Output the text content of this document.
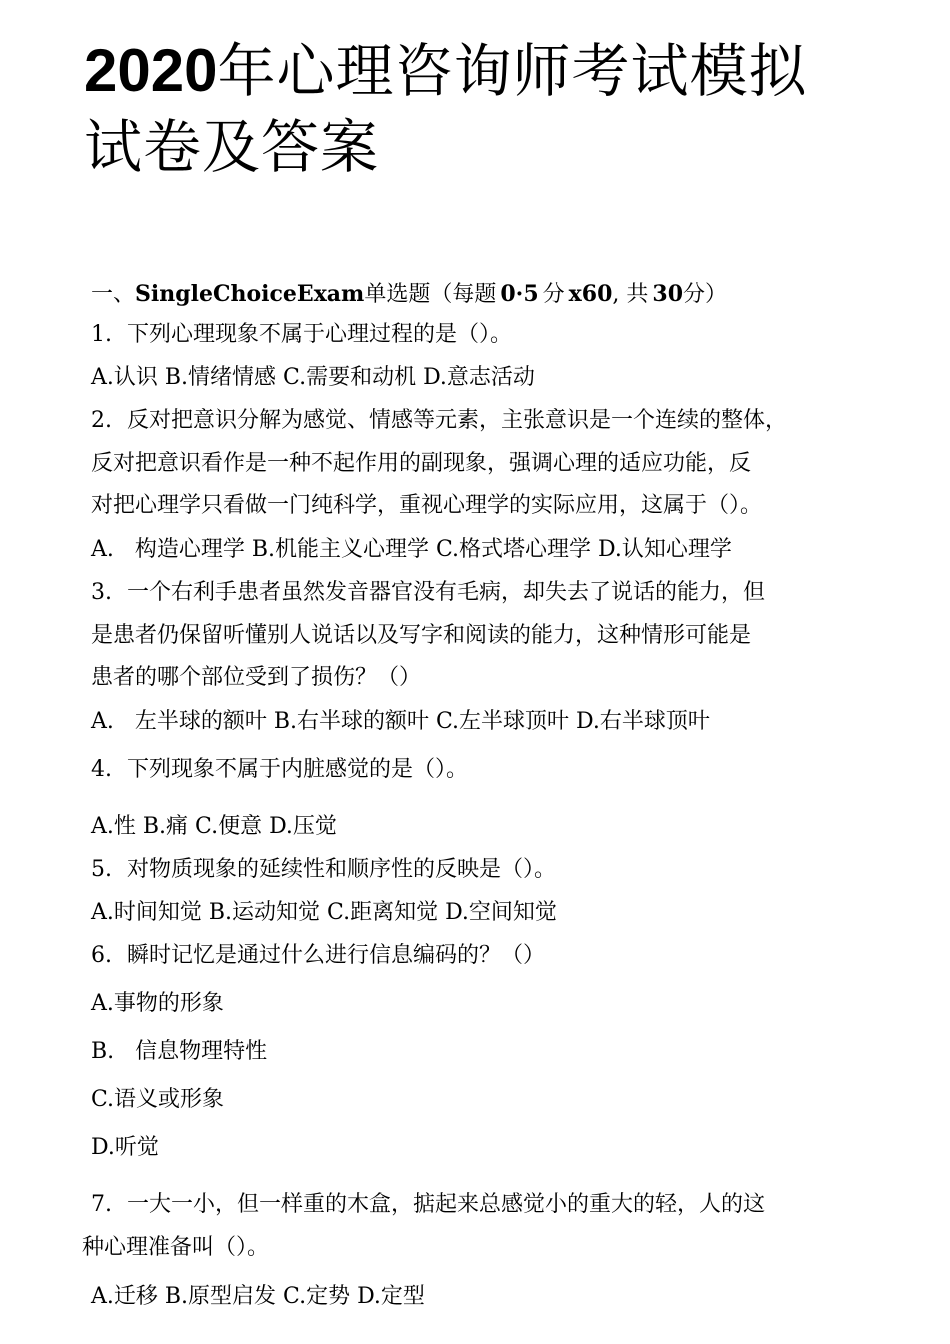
2020年心理咨询师考试模拟
试卷及答案
一、SingleChoiceExam单选题（每题 0·5 分 x60, 共 30分）
1. 下列心理现象不属于心理过程的是（）。
A.认识 B.情绪情感 C.需要和动机 D.意志活动
2. 反对把意识分解为感觉、情感等元素，主张意识是一个连续的整体，
反对把意识看作是一种不起作用的副现象，强调心理的适应功能，反
对把心理学只看做一门纯科学，重视心理学的实际应用，这属于（）。
A.   构造心理学 B.机能主义心理学 C.格式塔心理学 D.认知心理学
3. 一个右利手患者虽然发音器官没有毛病，却失去了说话的能力，但
是患者仍保留听懂别人说话以及写字和阅读的能力，这种情形可能是
患者的哪个部位受到了损伤？（）
A.   左半球的额叶 B.右半球的额叶 C.左半球顶叶 D.右半球顶叶
4. 下列现象不属于内脏感觉的是（）。
A.性 B.痛 C.便意 D.压觉
5. 对物质现象的延续性和顺序性的反映是（）。
A.时间知觉 B.运动知觉 C.距离知觉 D.空间知觉
6. 瞬时记忆是通过什么进行信息编码的？（）
A.事物的形象
B.   信息物理特性
C.语义或形象
D.听觉
7. 一大一小，但一样重的木盒，掂起来总感觉小的重大的轻，人的这
种心理准备叫（）。
A.迁移 B.原型启发 C.定势 D.定型
